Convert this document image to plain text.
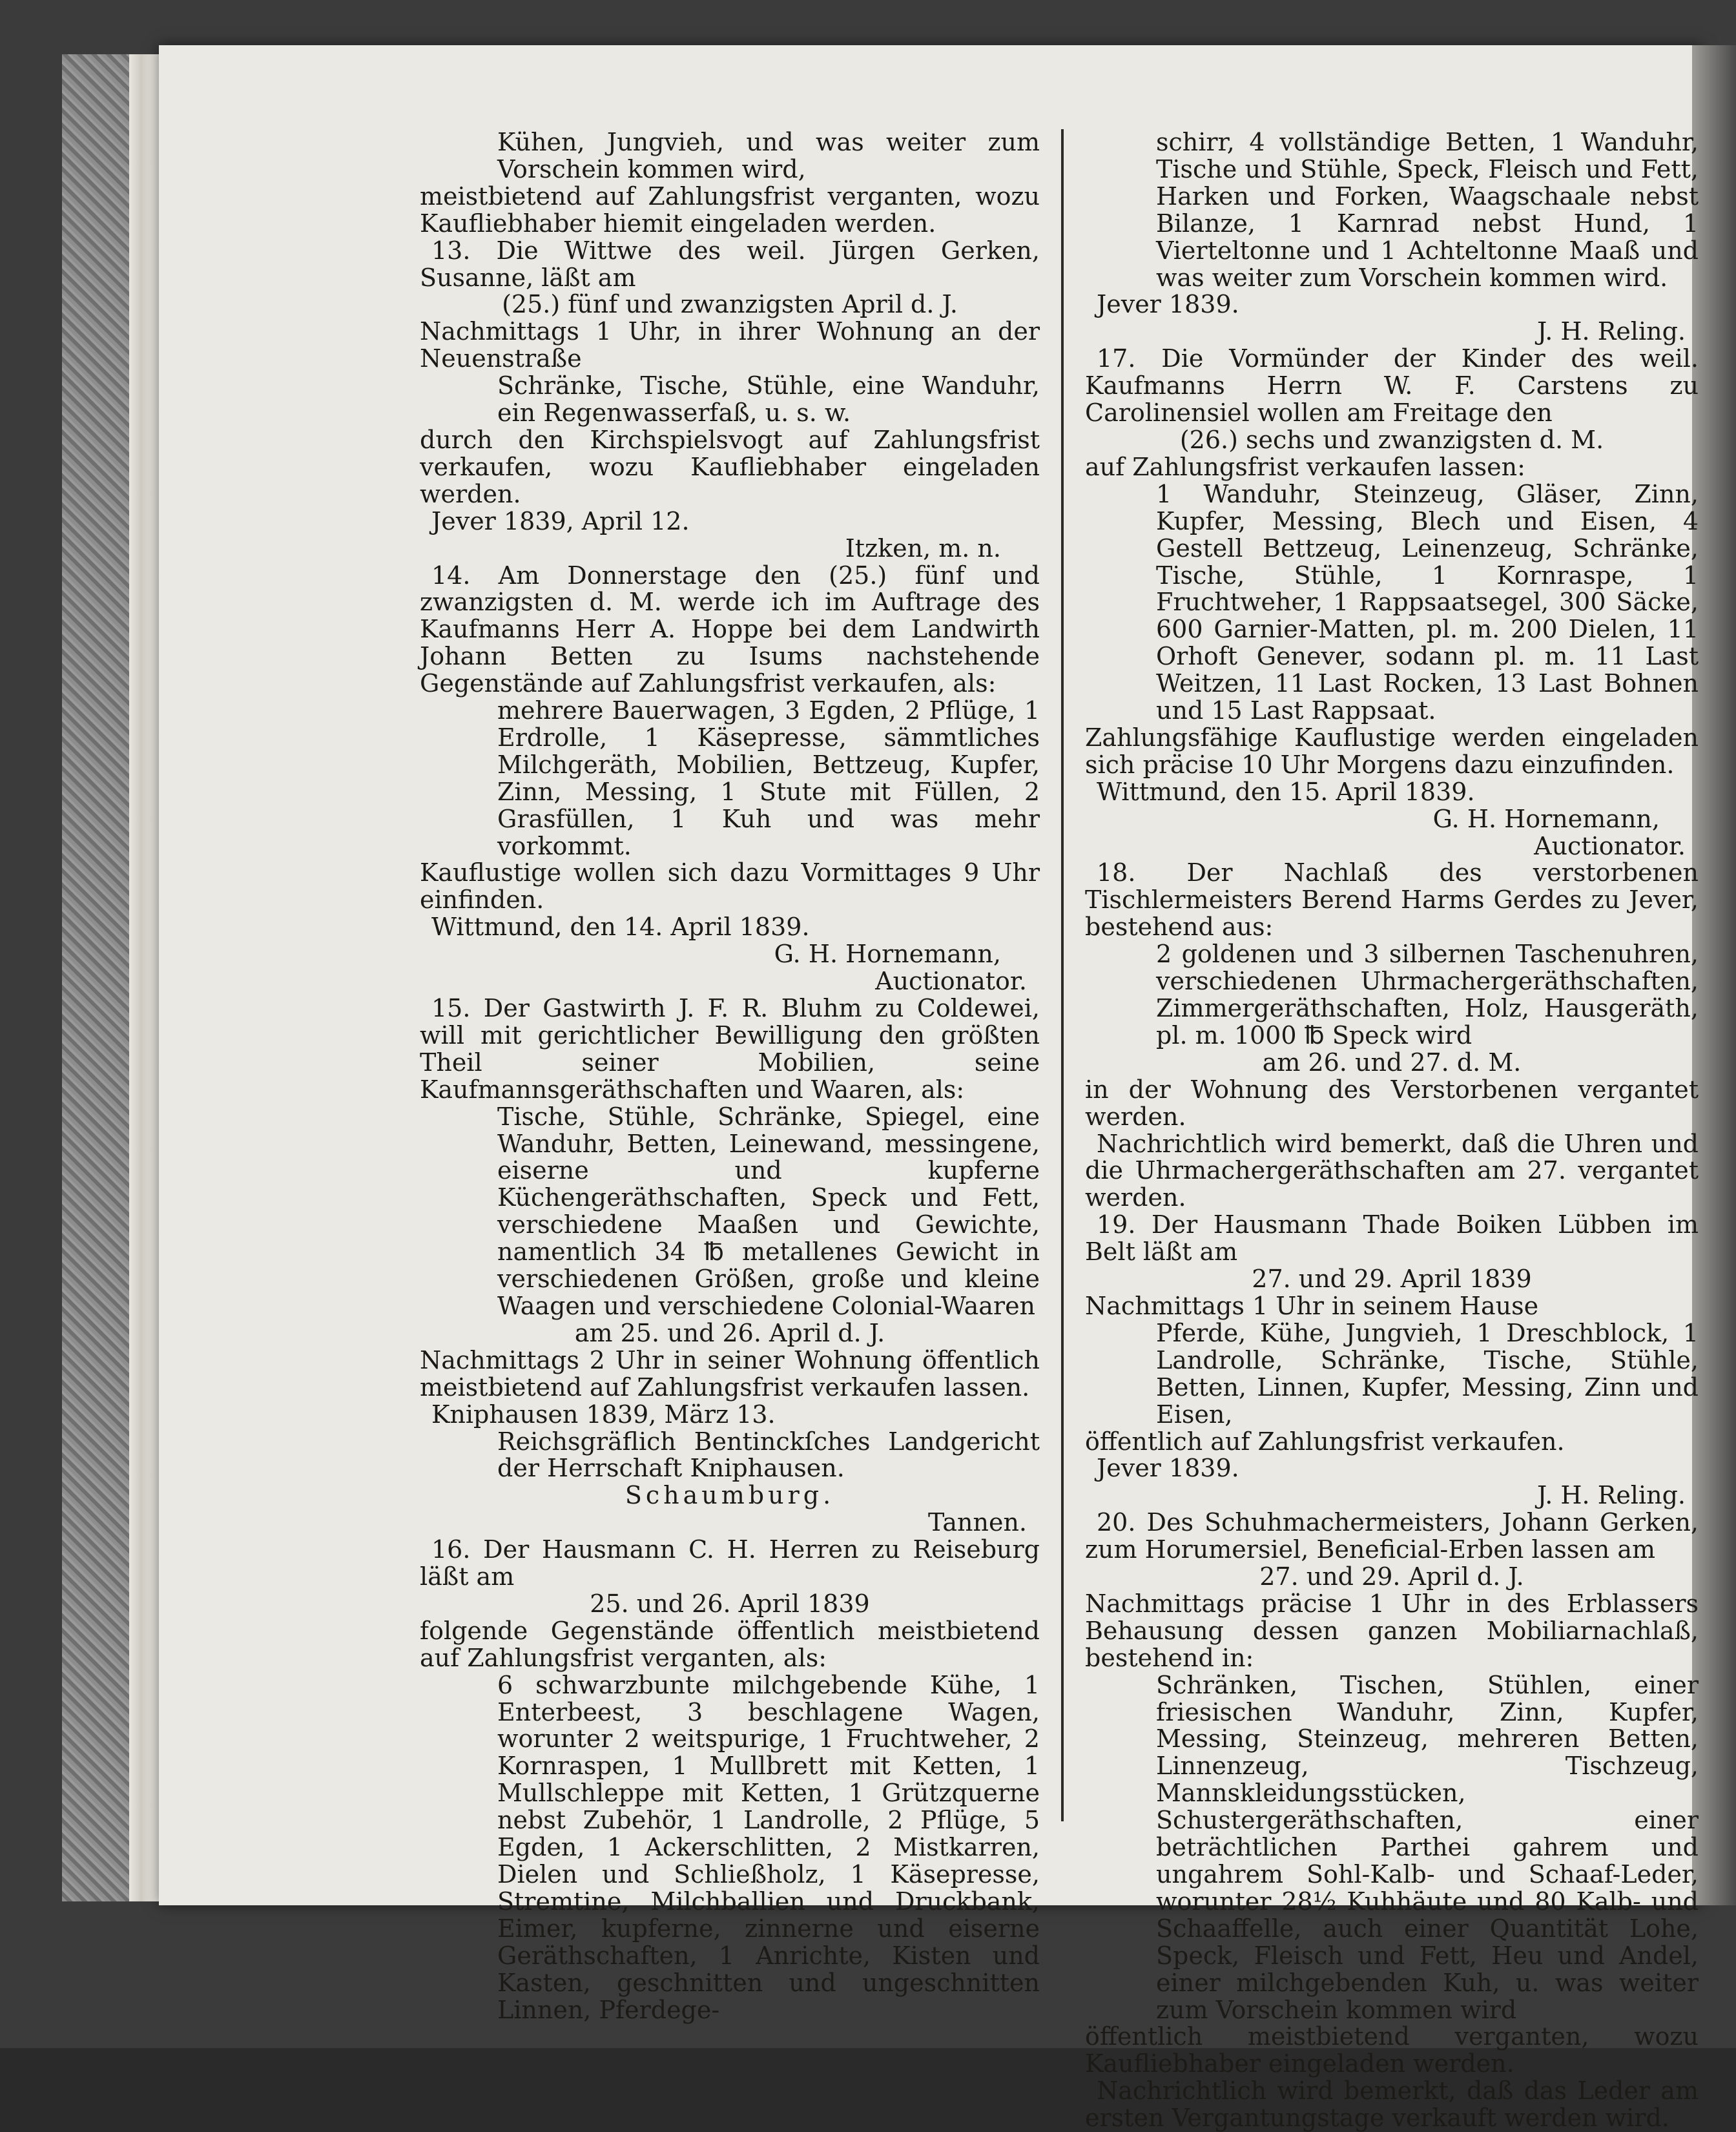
Kühen, Jungvieh, und was weiter zum Vorschein kommen wird,

meistbietend auf Zahlungsfrist verganten, wozu Kaufliebhaber hiemit eingeladen werden.

13. Die Wittwe des weil. Jürgen Gerken, Susanne, läßt am

(25.) fünf und zwanzigsten April d. J.

Nachmittags 1 Uhr, in ihrer Wohnung an der Neuenstraße

Schränke, Tische, Stühle, eine Wanduhr, ein Regenwasserfaß, u. s. w.

durch den Kirchspielsvogt auf Zahlungsfrist verkaufen, wozu Kaufliebhaber eingeladen werden.

Jever 1839, April 12.

Itzken, m. n.

14. Am Donnerstage den (25.) fünf und zwanzigsten d. M. werde ich im Auftrage des Kaufmanns Herr A. Hoppe bei dem Landwirth Johann Betten zu Isums nachstehende Gegenstände auf Zahlungsfrist verkaufen, als:

mehrere Bauerwagen, 3 Egden, 2 Pflüge, 1 Erdrolle, 1 Käsepresse, sämmtliches Milchgeräth, Mobilien, Bettzeug, Kupfer, Zinn, Messing, 1 Stute mit Füllen, 2 Grasfüllen, 1 Kuh und was mehr vorkommt.

Kauflustige wollen sich dazu Vormittages 9 Uhr einfinden.

Wittmund, den 14. April 1839.

G. H. Hornemann,

Auctionator.

15. Der Gastwirth J. F. R. Bluhm zu Coldewei, will mit gerichtlicher Bewilligung den größten Theil seiner Mobilien, seine Kaufmannsgeräthschaften und Waaren, als:

Tische, Stühle, Schränke, Spiegel, eine Wanduhr, Betten, Leinewand, messingene, eiserne und kupferne Küchengeräthschaften, Speck und Fett, verschiedene Maaßen und Gewichte, namentlich 34 ℔ metallenes Gewicht in verschiedenen Größen, große und kleine Waagen und verschiedene Colonial-Waaren

am 25. und 26. April d. J.

Nachmittags 2 Uhr in seiner Wohnung öffentlich meistbietend auf Zahlungsfrist verkaufen lassen.

Kniphausen 1839, März 13.

Reichsgräflich Bentinckſches Landgericht der Herrschaft Kniphausen.

Schaumburg.

Tannen.

16. Der Hausmann C. H. Herren zu Reiseburg läßt am

25. und 26. April 1839

folgende Gegenstände öffentlich meistbietend auf Zahlungsfrist verganten, als:

6 schwarzbunte milchgebende Kühe, 1 Enterbeest, 3 beschlagene Wagen, worunter 2 weitspurige, 1 Fruchtweher, 2 Kornraspen, 1 Mullbrett mit Ketten, 1 Mullschleppe mit Ketten, 1 Grützquerne nebst Zubehör, 1 Landrolle, 2 Pflüge, 5 Egden, 1 Ackerschlitten, 2 Mistkarren, Dielen und Schließholz, 1 Käsepresse, Stremtine, Milchballien und Druckbank, Eimer, kupferne, zinnerne und eiserne Geräthschaften, 1 Anrichte, Kisten und Kasten, geschnitten und ungeschnitten Linnen, Pferdege-

schirr, 4 vollständige Betten, 1 Wanduhr, Tische und Stühle, Speck, Fleisch und Fett, Harken und Forken, Waagschaale nebst Bilanze, 1 Karnrad nebst Hund, 1 Vierteltonne und 1 Achteltonne Maaß und was weiter zum Vorschein kommen wird.

Jever 1839.

J. H. Reling.

17. Die Vormünder der Kinder des weil. Kaufmanns Herrn W. F. Carstens zu Carolinensiel wollen am Freitage den

(26.) sechs und zwanzigsten d. M.

auf Zahlungsfrist verkaufen lassen:

1 Wanduhr, Steinzeug, Gläser, Zinn, Kupfer, Messing, Blech und Eisen, 4 Gestell Bettzeug, Leinenzeug, Schränke, Tische, Stühle, 1 Kornraspe, 1 Fruchtweher, 1 Rappsaatsegel, 300 Säcke, 600 Garnier-Matten, pl. m. 200 Dielen, 11 Orhoft Genever, sodann pl. m. 11 Last Weitzen, 11 Last Rocken, 13 Last Bohnen und 15 Last Rappsaat.

Zahlungsfähige Kauflustige werden eingeladen sich präcise 10 Uhr Morgens dazu einzufinden.

Wittmund, den 15. April 1839.

G. H. Hornemann,

Auctionator.

18. Der Nachlaß des verstorbenen Tischlermeisters Berend Harms Gerdes zu Jever, bestehend aus:

2 goldenen und 3 silbernen Taschenuhren, verschiedenen Uhrmachergeräthschaften, Zimmergeräthschaften, Holz, Hausgeräth, pl. m. 1000 ℔ Speck wird

am 26. und 27. d. M.

in der Wohnung des Verstorbenen vergantet werden.

Nachrichtlich wird bemerkt, daß die Uhren und die Uhrmachergeräthschaften am 27. vergantet werden.

19. Der Hausmann Thade Boiken Lübben im Belt läßt am

27. und 29. April 1839

Nachmittags 1 Uhr in seinem Hause

Pferde, Kühe, Jungvieh, 1 Dreschblock, 1 Landrolle, Schränke, Tische, Stühle, Betten, Linnen, Kupfer, Messing, Zinn und Eisen,

öffentlich auf Zahlungsfrist verkaufen.

Jever 1839.

J. H. Reling.

20. Des Schuhmachermeisters, Johann Gerken, zum Horumersiel, Beneficial-Erben lassen am

27. und 29. April d. J.

Nachmittags präcise 1 Uhr in des Erblassers Behausung dessen ganzen Mobiliarnachlaß, bestehend in:

Schränken, Tischen, Stühlen, einer friesischen Wanduhr, Zinn, Kupfer, Messing, Steinzeug, mehreren Betten, Linnenzeug, Tischzeug, Mannskleidungsstücken, Schustergeräthschaften, einer beträchtlichen Parthei gahrem und ungahrem Sohl-Kalb- und Schaaf-Leder, worunter 28½ Kuhhäute und 80 Kalb- und Schaaffelle, auch einer Quantität Lohe, Speck, Fleisch und Fett, Heu und Andel, einer milchgebenden Kuh, u. was weiter zum Vorschein kommen wird

öffentlich meistbietend verganten, wozu Kaufliebhaber eingeladen werden.

Nachrichtlich wird bemerkt, daß das Leder am ersten Vergantungstage verkauft werden wird.
